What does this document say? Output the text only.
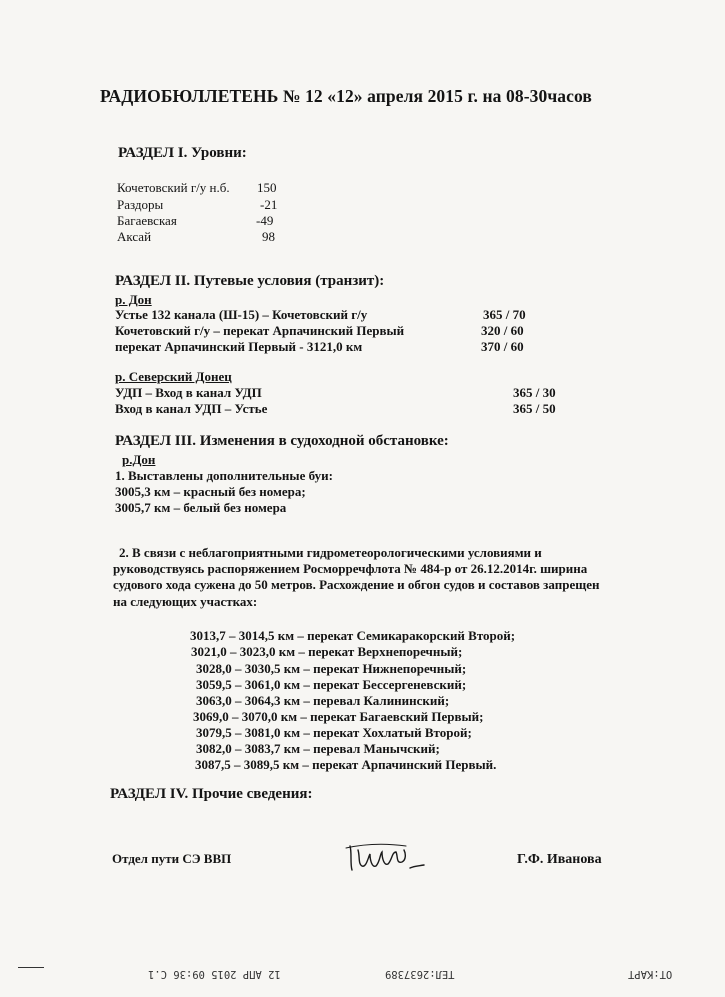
РАДИОБЮЛЛЕТЕНЬ № 12 «12» апреля 2015 г. на 08-30часов
РАЗДЕЛ I. Уровни:
Кочетовский г/у н.б. 150
Раздоры	-21
Багаевская	-49
Аксай	98
РАЗДЕЛ II. Путевые условия (транзит):
р. Дон
Устье 132 канала (Ш-15) – Кочетовский г/у	365 / 70
Кочетовский г/у – перекат Арпачинский Первый	320 / 60
перекат Арпачинский Первый - 3121,0 км	370 / 60
р. Северский Донец
УДП – Вход в канал УДП	365 / 30
Вход в канал УДП – Устье	365 / 50
РАЗДЕЛ III. Изменения в судоходной обстановке:
р.Дон
1. Выставлены дополнительные буи:
3005,3 км – красный без номера;
3005,7 км – белый без номера
2. В связи с неблагоприятными гидрометеорологическими условиями и
руководствуясь распоряжением Росморречфлота № 484-р от 26.12.2014г. ширина
судового хода сужена до 50 метров. Расхождение и обгон судов и составов запрещен
на следующих участках:
3013,7 – 3014,5 км – перекат Семикаракорский Второй;
3021,0 – 3023,0 км – перекат Верхнепоречный;
3028,0 – 3030,5 км – перекат Нижнепоречный;
3059,5 – 3061,0 км – перекат Бессергеневский;
3063,0 – 3064,3 км – перевал Калининский;
3069,0 – 3070,0 км – перекат Багаевский Первый;
3079,5 – 3081,0 км – перекат Хохлатый Второй;
3082,0 – 3083,7 км – перевал Манычский;
3087,5 – 3089,5 км – перекат Арпачинский Первый.
РАЗДЕЛ IV. Прочие сведения:
Отдел пути СЭ ВВП	Г.Ф. Иванова
12 АПР 2015 09:36 С.1	ТЕЛ:2637389	ОТ:КАРТ
